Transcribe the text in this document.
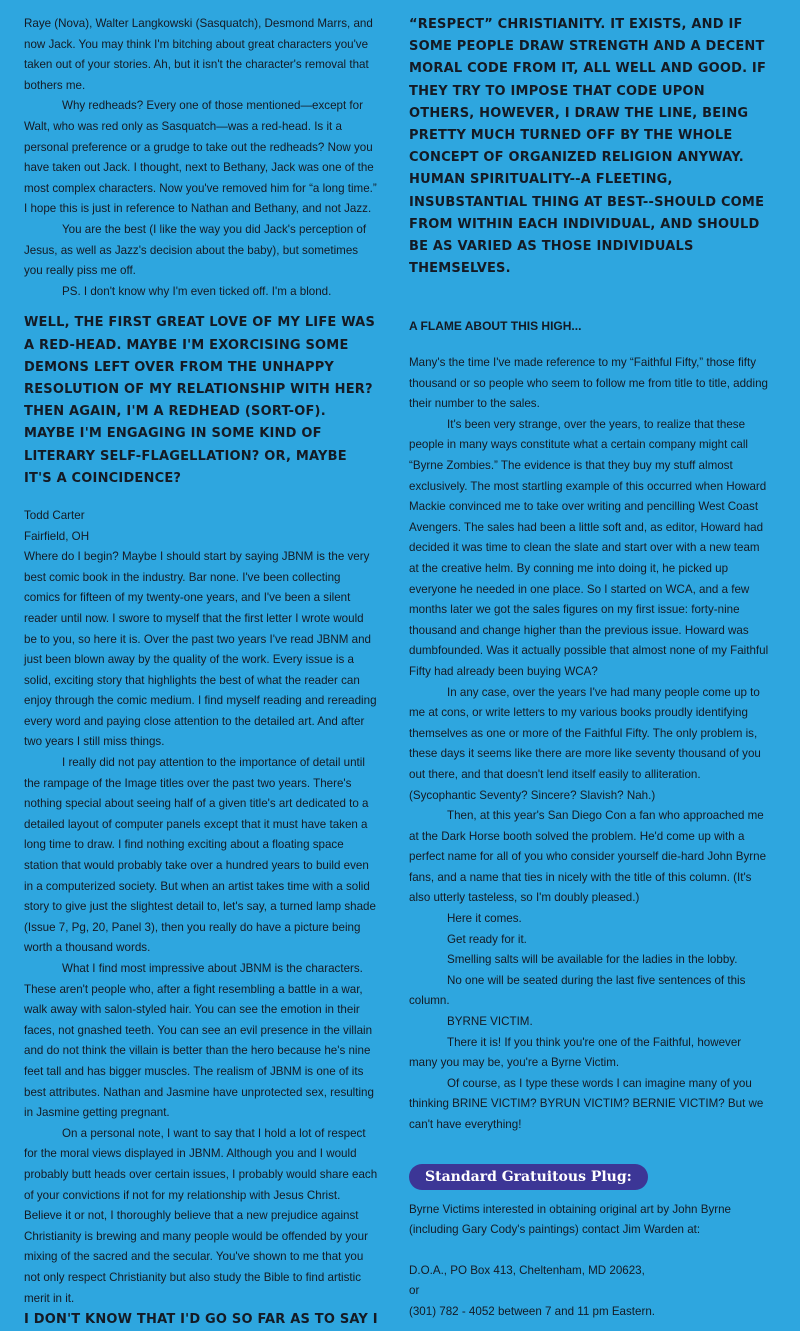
Raye (Nova), Walter Langkowski (Sasquatch), Desmond Marrs, and now Jack. You may think I'm bitching about great characters you've taken out of your stories. Ah, but it isn't the character's removal that bothers me.

Why redheads? Every one of those mentioned—except for Walt, who was red only as Sasquatch—was a red-head. Is it a personal preference or a grudge to take out the redheads? Now you have taken out Jack. I thought, next to Bethany, Jack was one of the most complex characters. Now you've removed him for “a long time.” I hope this is just in reference to Nathan and Bethany, and not Jazz.

You are the best (I like the way you did Jack's perception of Jesus, as well as Jazz's decision about the baby), but sometimes you really piss me off.

PS. I don't know why I'm even ticked off. I'm a blond.

WELL, THE FIRST GREAT LOVE OF MY LIFE WAS A RED-HEAD. MAYBE I'M EXORCISING SOME DEMONS LEFT OVER FROM THE UNHAPPY RESOLUTION OF MY RELATIONSHIP WITH HER? THEN AGAIN, I'M A REDHEAD (SORT-OF). MAYBE I'M ENGAGING IN SOME KIND OF LITERARY SELF-FLAGELLATION? OR, MAYBE IT'S A COINCIDENCE?

Todd Carter

Fairfield, OH

Where do I begin? Maybe I should start by saying JBNM is the very best comic book in the industry. Bar none. I've been collecting comics for fifteen of my twenty-one years, and I've been a silent reader until now. I swore to myself that the first letter I wrote would be to you, so here it is. Over the past two years I've read JBNM and just been blown away by the quality of the work. Every issue is a solid, exciting story that highlights the best of what the reader can enjoy through the comic medium. I find myself reading and rereading every word and paying close attention to the detailed art. And after two years I still miss things.

I really did not pay attention to the importance of detail until the rampage of the Image titles over the past two years. There's nothing special about seeing half of a given title's art dedicated to a detailed layout of computer panels except that it must have taken a long time to draw. I find nothing exciting about a floating space station that would probably take over a hundred years to build even in a computerized society. But when an artist takes time with a solid story to give just the slightest detail to, let's say, a turned lamp shade (Issue 7, Pg, 20, Panel 3), then you really do have a picture being worth a thousand words.

What I find most impressive about JBNM is the characters. These aren't people who, after a fight resembling a battle in a war, walk away with salon-styled hair. You can see the emotion in their faces, not gnashed teeth. You can see an evil presence in the villain and do not think the villain is better than the hero because he's nine feet tall and has bigger muscles. The realism of JBNM is one of its best attributes. Nathan and Jasmine have unprotected sex, resulting in Jasmine getting pregnant.

On a personal note, I want to say that I hold a lot of respect for the moral views displayed in JBNM. Although you and I would probably butt heads over certain issues, I probably would share each of your convictions if not for my relationship with Jesus Christ. Believe it or not, I thoroughly believe that a new prejudice against Christianity is brewing and many people would be offended by your mixing of the sacred and the secular. You've shown to me that you not only respect Christianity but also study the Bible to find artistic merit in it.

I DON'T KNOW THAT I'D GO SO FAR AS TO SAY I

“RESPECT” CHRISTIANITY. IT EXISTS, AND IF SOME PEOPLE DRAW STRENGTH AND A DECENT MORAL CODE FROM IT, ALL WELL AND GOOD. IF THEY TRY TO IMPOSE THAT CODE UPON OTHERS, HOWEVER, I DRAW THE LINE, BEING PRETTY MUCH TURNED OFF BY THE WHOLE CONCEPT OF ORGANIZED RELIGION ANYWAY. HUMAN SPIRITUALITY--A FLEETING, INSUBSTANTIAL THING AT BEST--SHOULD COME FROM WITHIN EACH INDIVIDUAL, AND SHOULD BE AS VARIED AS THOSE INDIVIDUALS THEMSELVES.

A FLAME ABOUT THIS HIGH...

Many's the time I've made reference to my “Faithful Fifty,” those fifty thousand or so people who seem to follow me from title to title, adding their number to the sales.

It's been very strange, over the years, to realize that these people in many ways constitute what a certain company might call “Byrne Zombies.” The evidence is that they buy my stuff almost exclusively. The most startling example of this occurred when Howard Mackie convinced me to take over writing and pencilling West Coast Avengers. The sales had been a little soft and, as editor, Howard had decided it was time to clean the slate and start over with a new team at the creative helm. By conning me into doing it, he picked up everyone he needed in one place. So I started on WCA, and a few months later we got the sales figures on my first issue: forty-nine thousand and change higher than the previous issue. Howard was dumbfounded. Was it actually possible that almost none of my Faithful Fifty had already been buying WCA?

In any case, over the years I've had many people come up to me at cons, or write letters to my various books proudly identifying themselves as one or more of the Faithful Fifty. The only problem is, these days it seems like there are more like seventy thousand of you out there, and that doesn't lend itself easily to alliteration. (Sycophantic Seventy? Sincere? Slavish? Nah.)

Then, at this year's San Diego Con a fan who approached me at the Dark Horse booth solved the problem. He'd come up with a perfect name for all of you who consider yourself die-hard John Byrne fans, and a name that ties in nicely with the title of this column. (It's also utterly tasteless, so I'm doubly pleased.)

Here it comes.

Get ready for it.

Smelling salts will be available for the ladies in the lobby.

No one will be seated during the last five sentences of this column.

BYRNE VICTIM.

There it is! If you think you're one of the Faithful, however many you may be, you're a Byrne Victim.

Of course, as I type these words I can imagine many of you thinking BRINE VICTIM? BYRUN VICTIM? BERNIE VICTIM? But we can't have everything!

Standard Gratuitous Plug:

Byrne Victims interested in obtaining original art by John Byrne (including Gary Cody's paintings) contact Jim Warden at:

D.O.A., PO Box 413, Cheltenham, MD 20623,

or

(301) 782 - 4052 between 7 and 11 pm Eastern.
